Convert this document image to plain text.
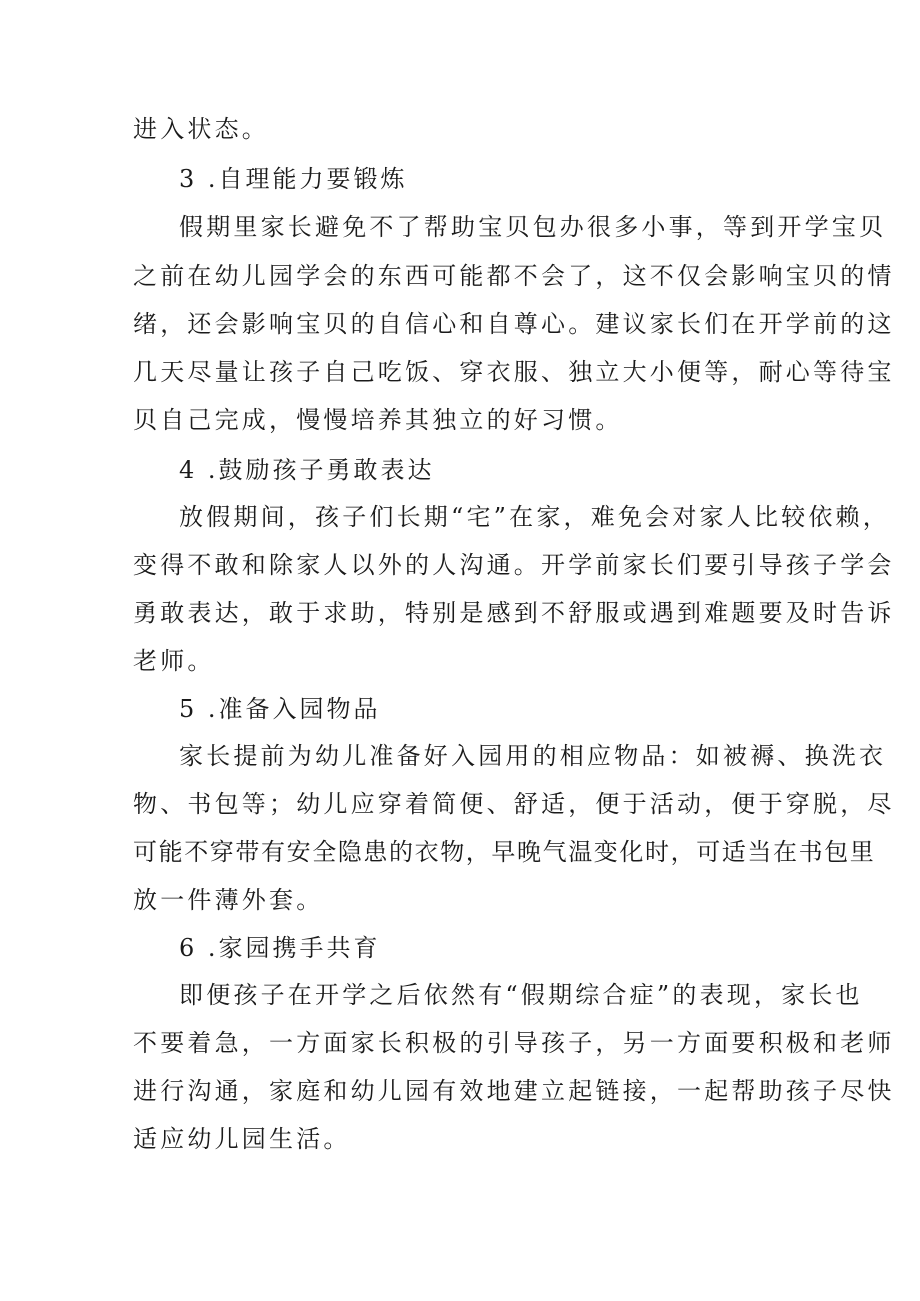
进入状态。
3 .自理能力要锻炼
假期里家长避免不了帮助宝贝包办很多小事，等到开学宝贝
之前在幼儿园学会的东西可能都不会了，这不仅会影响宝贝的情
绪，还会影响宝贝的自信心和自尊心。建议家长们在开学前的这
几天尽量让孩子自己吃饭、穿衣服、独立大小便等，耐心等待宝
贝自己完成，慢慢培养其独立的好习惯。
4 .鼓励孩子勇敢表达
放假期间，孩子们长期“宅”在家，难免会对家人比较依赖，
变得不敢和除家人以外的人沟通。开学前家长们要引导孩子学会
勇敢表达，敢于求助，特别是感到不舒服或遇到难题要及时告诉
老师。
5 .准备入园物品
家长提前为幼儿准备好入园用的相应物品：如被褥、换洗衣
物、书包等；幼儿应穿着简便、舒适，便于活动，便于穿脱，尽
可能不穿带有安全隐患的衣物，早晚气温变化时，可适当在书包里
放一件薄外套。
6 .家园携手共育
即便孩子在开学之后依然有“假期综合症”的表现，家长也
不要着急，一方面家长积极的引导孩子，另一方面要积极和老师
进行沟通，家庭和幼儿园有效地建立起链接，一起帮助孩子尽快
适应幼儿园生活。
